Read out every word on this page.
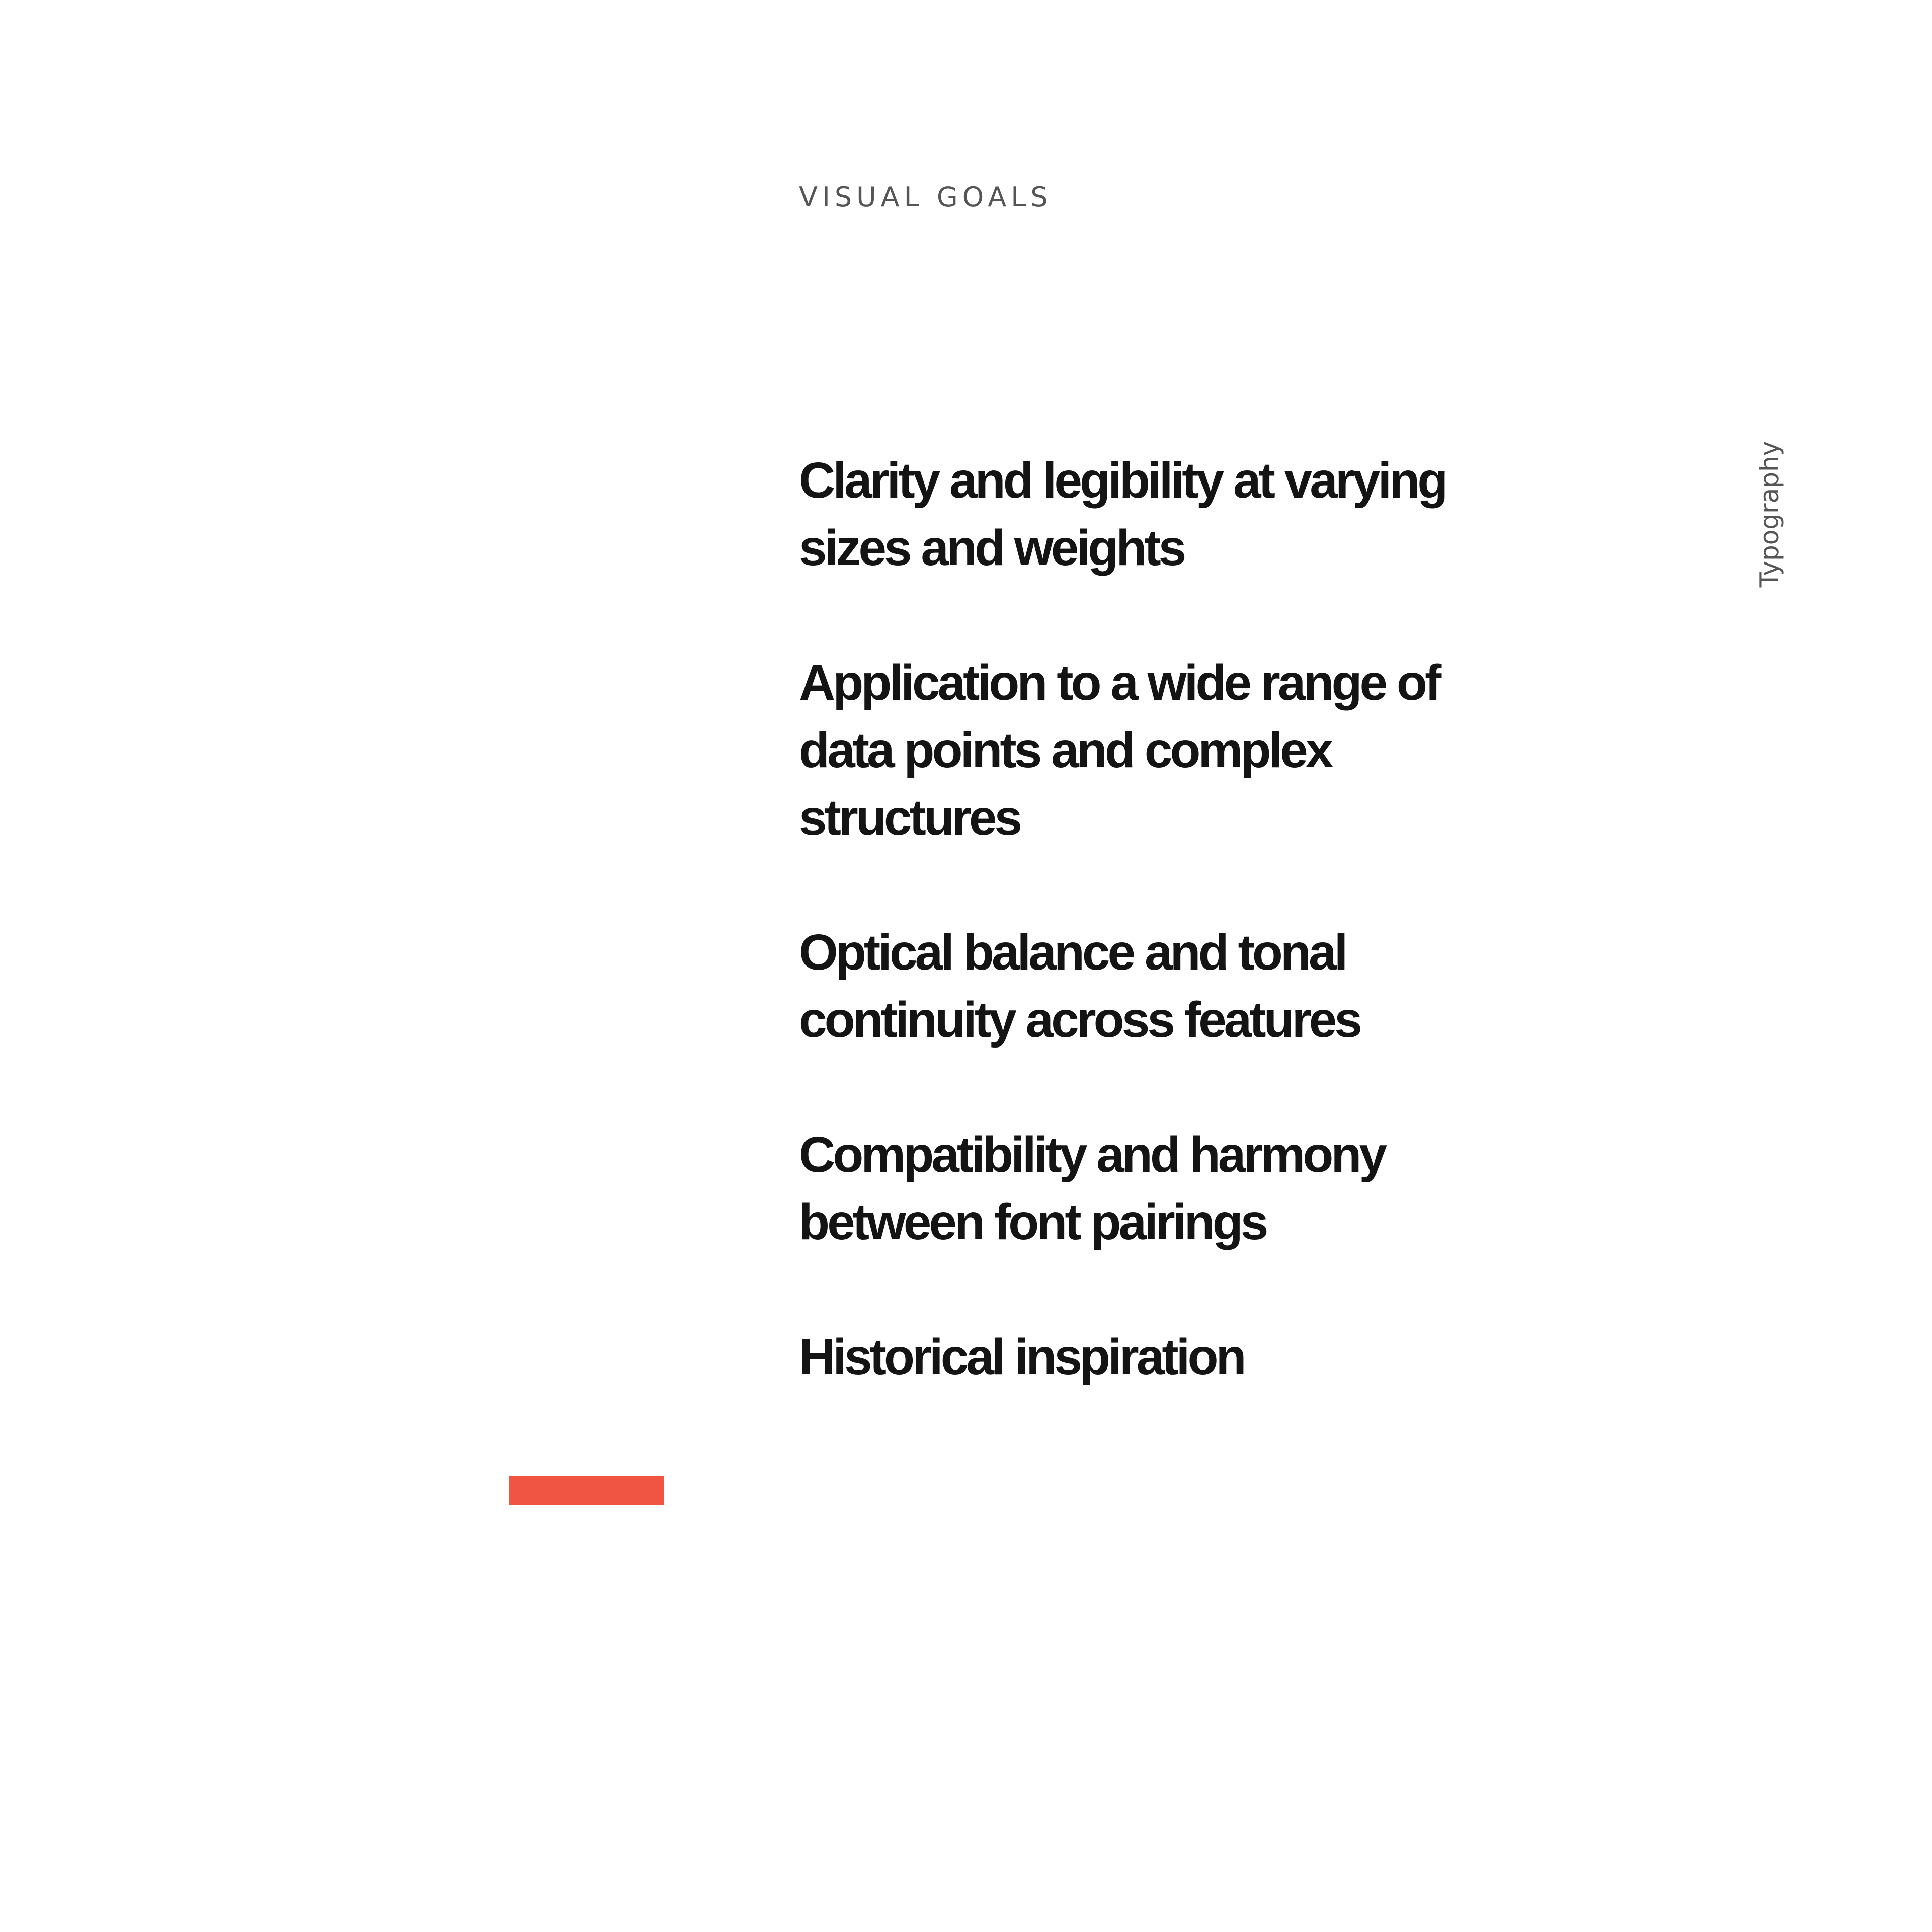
VISUAL GOALS
Clarity and legibility at varying sizes and weights
Application to a wide range of data points and complex structures
Optical balance and tonal continuity across features
Compatibility and harmony between font pairings
Historical inspiration
Typography
